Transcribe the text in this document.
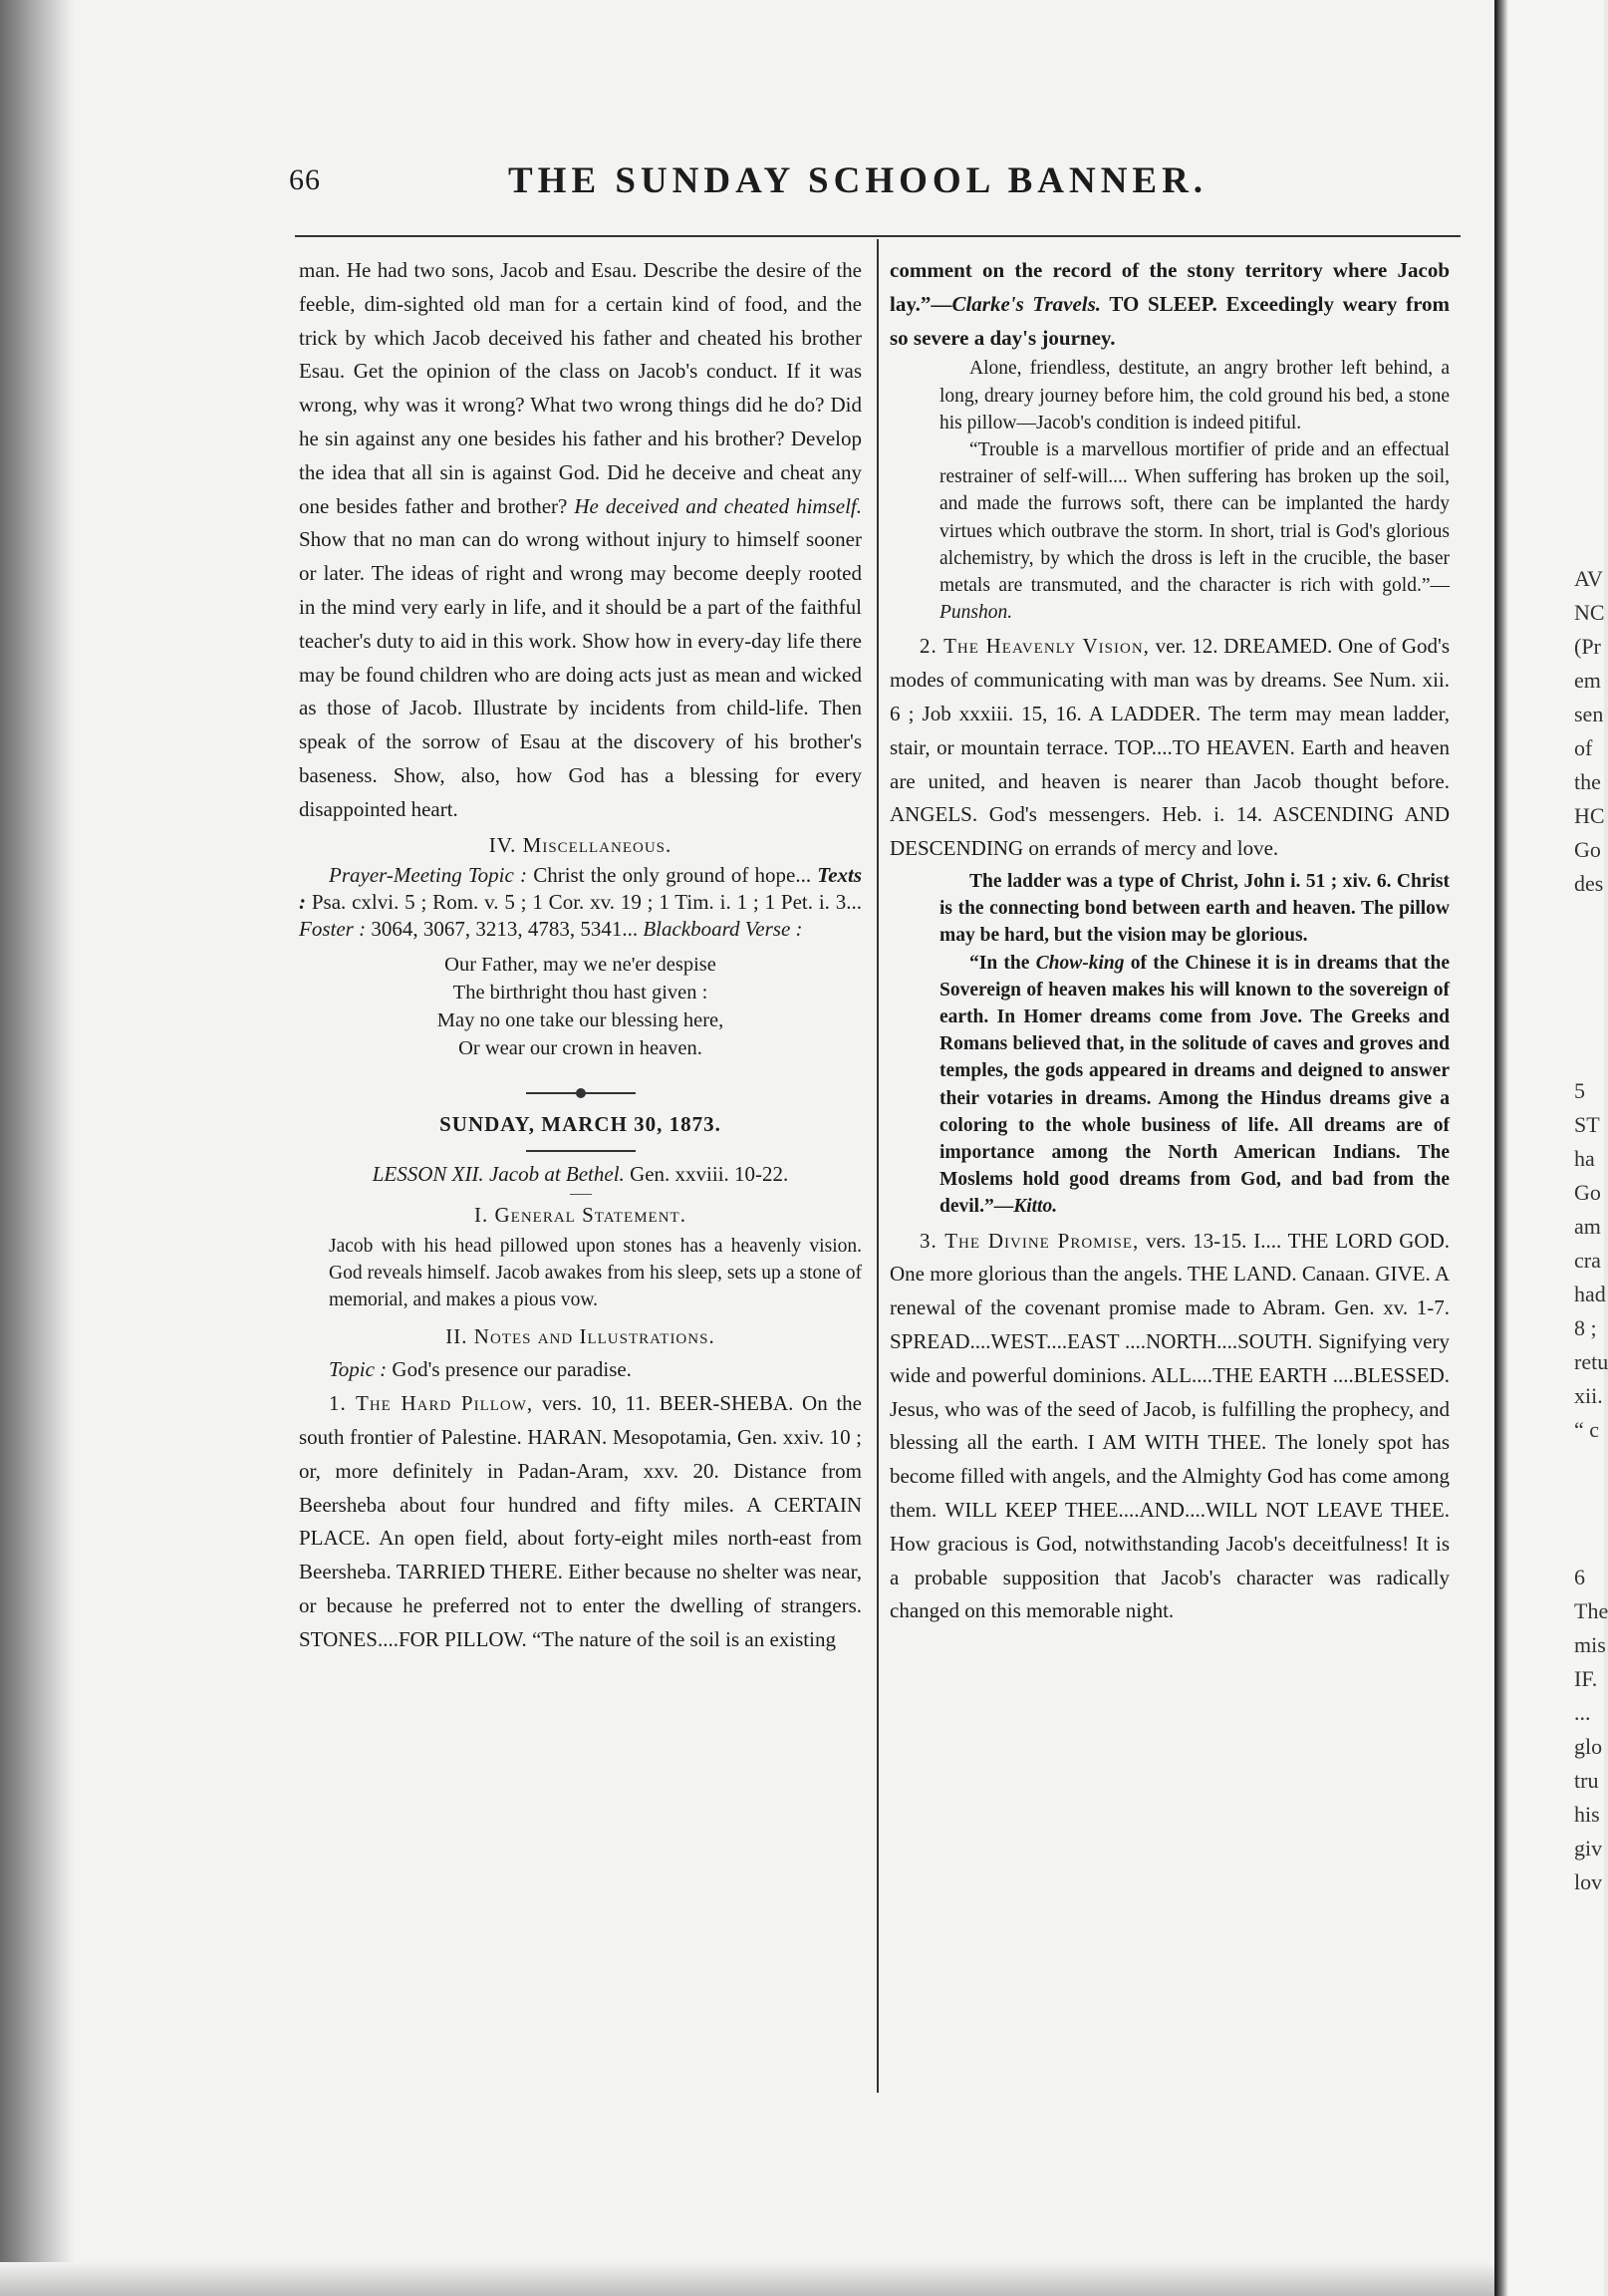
66	THE SUNDAY SCHOOL BANNER.

man. He had two sons, Jacob and Esau. Describe the desire of the feeble, dim-sighted old man for a certain kind of food, and the trick by which Jacob deceived his father and cheated his brother Esau. Get the opinion of the class on Jacob's conduct. If it was wrong, why was it wrong? What two wrong things did he do? Did he sin against any one besides his father and his brother? Develop the idea that all sin is against God. Did he deceive and cheat any one besides father and brother? He deceived and cheated himself. Show that no man can do wrong without injury to himself sooner or later. The ideas of right and wrong may become deeply rooted in the mind very early in life, and it should be a part of the faithful teacher's duty to aid in this work. Show how in every-day life there may be found children who are doing acts just as mean and wicked as those of Jacob. Illustrate by incidents from child-life. Then speak of the sorrow of Esau at the discovery of his brother's baseness. Show, also, how God has a blessing for every disappointed heart.

IV. Miscellaneous.

Prayer-Meeting Topic : Christ the only ground of hope... Texts : Psa. cxlvi. 5 ; Rom. v. 5 ; 1 Cor. xv. 19 ; 1 Tim. i. 1 ; 1 Pet. i. 3... Foster : 3064, 3067, 3213, 4783, 5341... Blackboard Verse :

Our Father, may we ne'er despise

The birthright thou hast given :

May no one take our blessing here,

Or wear our crown in heaven.

SUNDAY, MARCH 30, 1873.

LESSON XII. Jacob at Bethel. Gen. xxviii. 10-22.

I. General Statement.

Jacob with his head pillowed upon stones has a heavenly vision. God reveals himself. Jacob awakes from his sleep, sets up a stone of memorial, and makes a pious vow.

II. Notes and Illustrations.

Topic : God's presence our paradise.

1. The Hard Pillow, vers. 10, 11. BEER-SHEBA. On the south frontier of Palestine. HARAN. Mesopotamia, Gen. xxiv. 10 ; or, more definitely in Padan-Aram, xxv. 20. Distance from Beersheba about four hundred and fifty miles. A CERTAIN PLACE. An open field, about forty-eight miles north-east from Beersheba. TARRIED THERE. Either because no shelter was near, or because he preferred not to enter the dwelling of strangers. STONES....FOR PILLOW. “The nature of the soil is an existing

comment on the record of the stony territory where Jacob lay.”—Clarke's Travels. TO SLEEP. Exceedingly weary from so severe a day's journey.

Alone, friendless, destitute, an angry brother left behind, a long, dreary journey before him, the cold ground his bed, a stone his pillow—Jacob's condition is indeed pitiful.

“Trouble is a marvellous mortifier of pride and an effectual restrainer of self-will.... When suffering has broken up the soil, and made the furrows soft, there can be implanted the hardy virtues which outbrave the storm. In short, trial is God's glorious alchemistry, by which the dross is left in the crucible, the baser metals are transmuted, and the character is rich with gold.”— Punshon.

2. The Heavenly Vision, ver. 12. DREAMED. One of God's modes of communicating with man was by dreams. See Num. xii. 6 ; Job xxxiii. 15, 16. A LADDER. The term may mean ladder, stair, or mountain terrace. TOP....TO HEAVEN. Earth and heaven are united, and heaven is nearer than Jacob thought before. ANGELS. God's messengers. Heb. i. 14. ASCENDING AND DESCENDING on errands of mercy and love.

The ladder was a type of Christ, John i. 51 ; xiv. 6. Christ is the connecting bond between earth and heaven. The pillow may be hard, but the vision may be glorious.

“In the Chow-king of the Chinese it is in dreams that the Sovereign of heaven makes his will known to the sovereign of earth. In Homer dreams come from Jove. The Greeks and Romans believed that, in the solitude of caves and groves and temples, the gods appeared in dreams and deigned to answer their votaries in dreams. Among the Hindus dreams give a coloring to the whole business of life. All dreams are of importance among the North American Indians. The Moslems hold good dreams from God, and bad from the devil.”—Kitto.

3. The Divine Promise, vers. 13-15. I.... THE LORD GOD. One more glorious than the angels. THE LAND. Canaan. GIVE. A renewal of the covenant promise made to Abram. Gen. xv. 1-7. SPREAD....WEST....EAST ....NORTH....SOUTH. Signifying very wide and powerful dominions. ALL....THE EARTH ....BLESSED. Jesus, who was of the seed of Jacob, is fulfilling the prophecy, and blessing all the earth. I AM WITH THEE. The lonely spot has become filled with angels, and the Almighty God has come among them. WILL KEEP THEE....AND....WILL NOT LEAVE THEE. How gracious is God, notwithstanding Jacob's deceitfulness! It is a probable supposition that Jacob's character was radically changed on this memorable night.

AV
NC
(Pr
em
sen
of
the
HC
Go
des
5
ST
ha
Go
am
cra
had
8 ;
retu
xii.
“ c
6
The
mis
IF.
...
glo
tru
his
giv
lov
